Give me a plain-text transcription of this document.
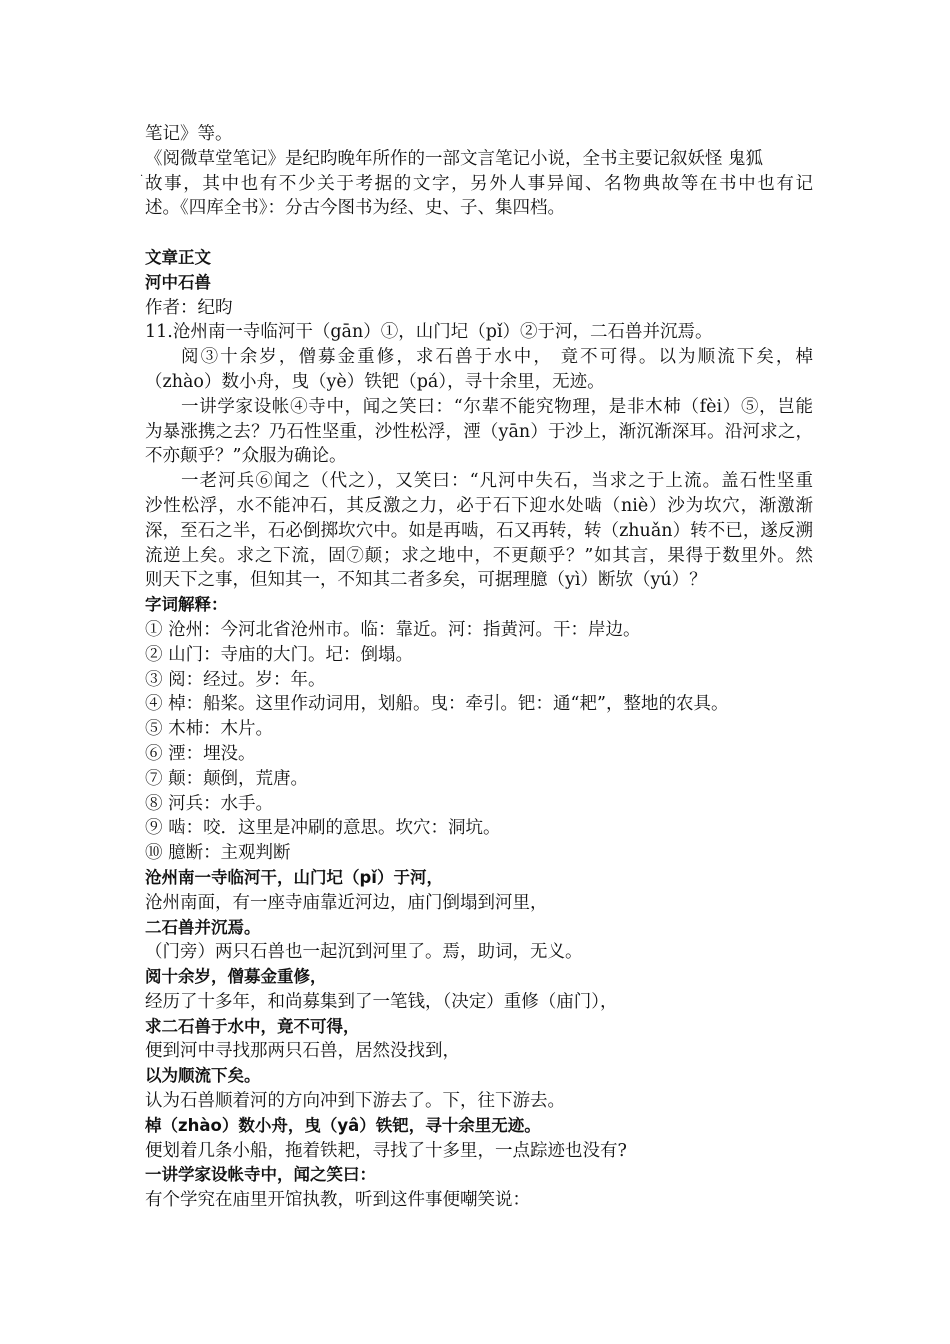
笔记》等。
.
《阅微草堂笔记》是纪昀晚年所作的一部文言笔记小说，全书主要记叙妖怪 鬼狐
故事，其中也有不少关于考据的文字，另外人事异闻、名物典故等在书中也有记
述。《四库全书》：分古今图书为经、史、子、集四档。
文章正文
河中石兽
作者：纪昀
11.沧州南一寺临河干（gān）①，山门圮（pǐ）②于河，二石兽并沉焉。
阅③十余岁，僧募金重修，求石兽于水中， 竟不可得。以为顺流下矣，棹
（zhào）数小舟，曳（yè）铁钯（pá），寻十余里，无迹。
一讲学家设帐④寺中，闻之笑曰：“尔辈不能究物理，是非木杮（fèi）⑤，岂能
为暴涨携之去？乃石性坚重，沙性松浮，湮（yān）于沙上，渐沉渐深耳。沿河求之，
不亦颠乎？”众服为确论。
一老河兵⑥闻之（代之），又笑曰：“凡河中失石，当求之于上流。盖石性坚重
沙性松浮，水不能冲石，其反激之力，必于石下迎水处啮（niè）沙为坎穴，渐激渐
深，至石之半，石必倒掷坎穴中。如是再啮，石又再转，转（zhuǎn）转不已，遂反溯
流逆上矣。求之下流，固⑦颠；求之地中，不更颠乎？”如其言，果得于数里外。然
则天下之事，但知其一，不知其二者多矣，可据理臆（yì）断欤（yú）？
字词解释：
① 沧州：今河北省沧州市。临：靠近。河：指黄河。干：岸边。
② 山门：寺庙的大门。圮：倒塌。
③ 阅：经过。岁：年。
④ 棹：船桨。这里作动词用，划船。曳：牵引。钯：通“耙”，整地的农具。
⑤ 木杮：木片。
⑥ 湮：埋没。
⑦ 颠：颠倒，荒唐。
⑧ 河兵：水手。
⑨ 啮：咬．这里是冲刷的意思。坎穴：洞坑。
⑩ 臆断：主观判断
沧州南一寺临河干，山门圮（pǐ）于河，
沧州南面，有一座寺庙靠近河边，庙门倒塌到河里，
二石兽并沉焉。
（门旁）两只石兽也一起沉到河里了。焉，助词，无义。
阅十余岁，僧募金重修，
经历了十多年，和尚募集到了一笔钱，（决定）重修（庙门），
求二石兽于水中，竟不可得，
便到河中寻找那两只石兽，居然没找到，
以为顺流下矣。
认为石兽顺着河的方向冲到下游去了。下，往下游去。
棹（zhào）数小舟，曳（yâ）铁钯，寻十余里无迹。
便划着几条小船，拖着铁耙，寻找了十多里，一点踪迹也没有?
一讲学家设帐寺中，闻之笑曰：
有个学究在庙里开馆执教，听到这件事便嘲笑说：
